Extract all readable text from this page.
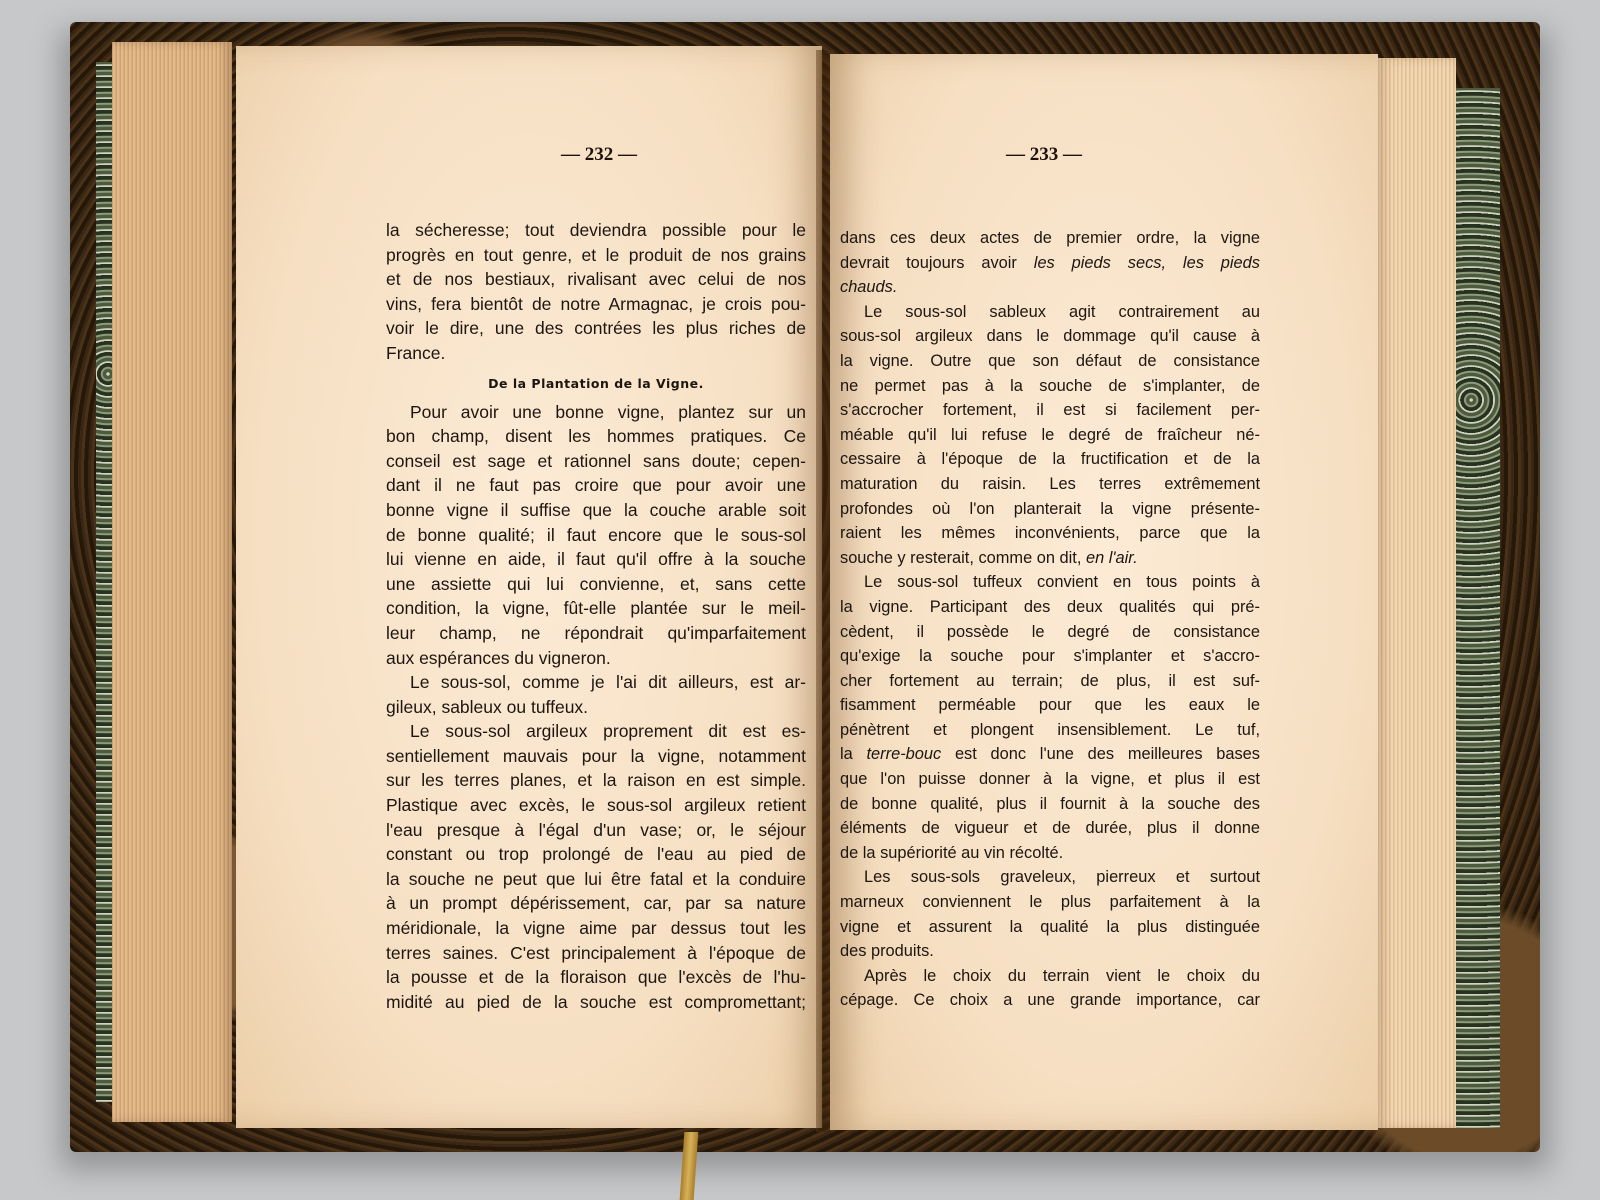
— 232 —
la sécheresse; tout deviendra possible pour le
progrès en tout genre, et le produit de nos grains
et de nos bestiaux, rivalisant avec celui de nos
vins, fera bientôt de notre Armagnac, je crois pou-
voir le dire, une des contrées les plus riches de
France.
De la Plantation de la Vigne.
Pour avoir une bonne vigne, plantez sur un
bon champ, disent les hommes pratiques. Ce
conseil est sage et rationnel sans doute; cepen-
dant il ne faut pas croire que pour avoir une
bonne vigne il suffise que la couche arable soit
de bonne qualité; il faut encore que le sous-sol
lui vienne en aide, il faut qu'il offre à la souche
une assiette qui lui convienne, et, sans cette
condition, la vigne, fût-elle plantée sur le meil-
leur champ, ne répondrait qu'imparfaitement
aux espérances du vigneron.
Le sous-sol, comme je l'ai dit ailleurs, est ar-
gileux, sableux ou tuffeux.
Le sous-sol argileux proprement dit est es-
sentiellement mauvais pour la vigne, notamment
sur les terres planes, et la raison en est simple.
Plastique avec excès, le sous-sol argileux retient
l'eau presque à l'égal d'un vase; or, le séjour
constant ou trop prolongé de l'eau au pied de
la souche ne peut que lui être fatal et la conduire
à un prompt dépérissement, car, par sa nature
méridionale, la vigne aime par dessus tout les
terres saines. C'est principalement à l'époque de
la pousse et de la floraison que l'excès de l'hu-
midité au pied de la souche est compromettant;
— 233 —
dans ces deux actes de premier ordre, la vigne
devrait toujours avoir les pieds secs, les pieds
chauds.
Le sous-sol sableux agit contrairement au
sous-sol argileux dans le dommage qu'il cause à
la vigne. Outre que son défaut de consistance
ne permet pas à la souche de s'implanter, de
s'accrocher fortement, il est si facilement per-
méable qu'il lui refuse le degré de fraîcheur né-
cessaire à l'époque de la fructification et de la
maturation du raisin. Les terres extrêmement
profondes où l'on planterait la vigne présente-
raient les mêmes inconvénients, parce que la
souche y resterait, comme on dit, en l'air.
Le sous-sol tuffeux convient en tous points à
la vigne. Participant des deux qualités qui pré-
cèdent, il possède le degré de consistance
qu'exige la souche pour s'implanter et s'accro-
cher fortement au terrain; de plus, il est suf-
fisamment perméable pour que les eaux le
pénètrent et plongent insensiblement. Le tuf,
la terre-bouc est donc l'une des meilleures bases
que l'on puisse donner à la vigne, et plus il est
de bonne qualité, plus il fournit à la souche des
éléments de vigueur et de durée, plus il donne
de la supériorité au vin récolté.
Les sous-sols graveleux, pierreux et surtout
marneux conviennent le plus parfaitement à la
vigne et assurent la qualité la plus distinguée
des produits.
Après le choix du terrain vient le choix du
cépage. Ce choix a une grande importance, car
